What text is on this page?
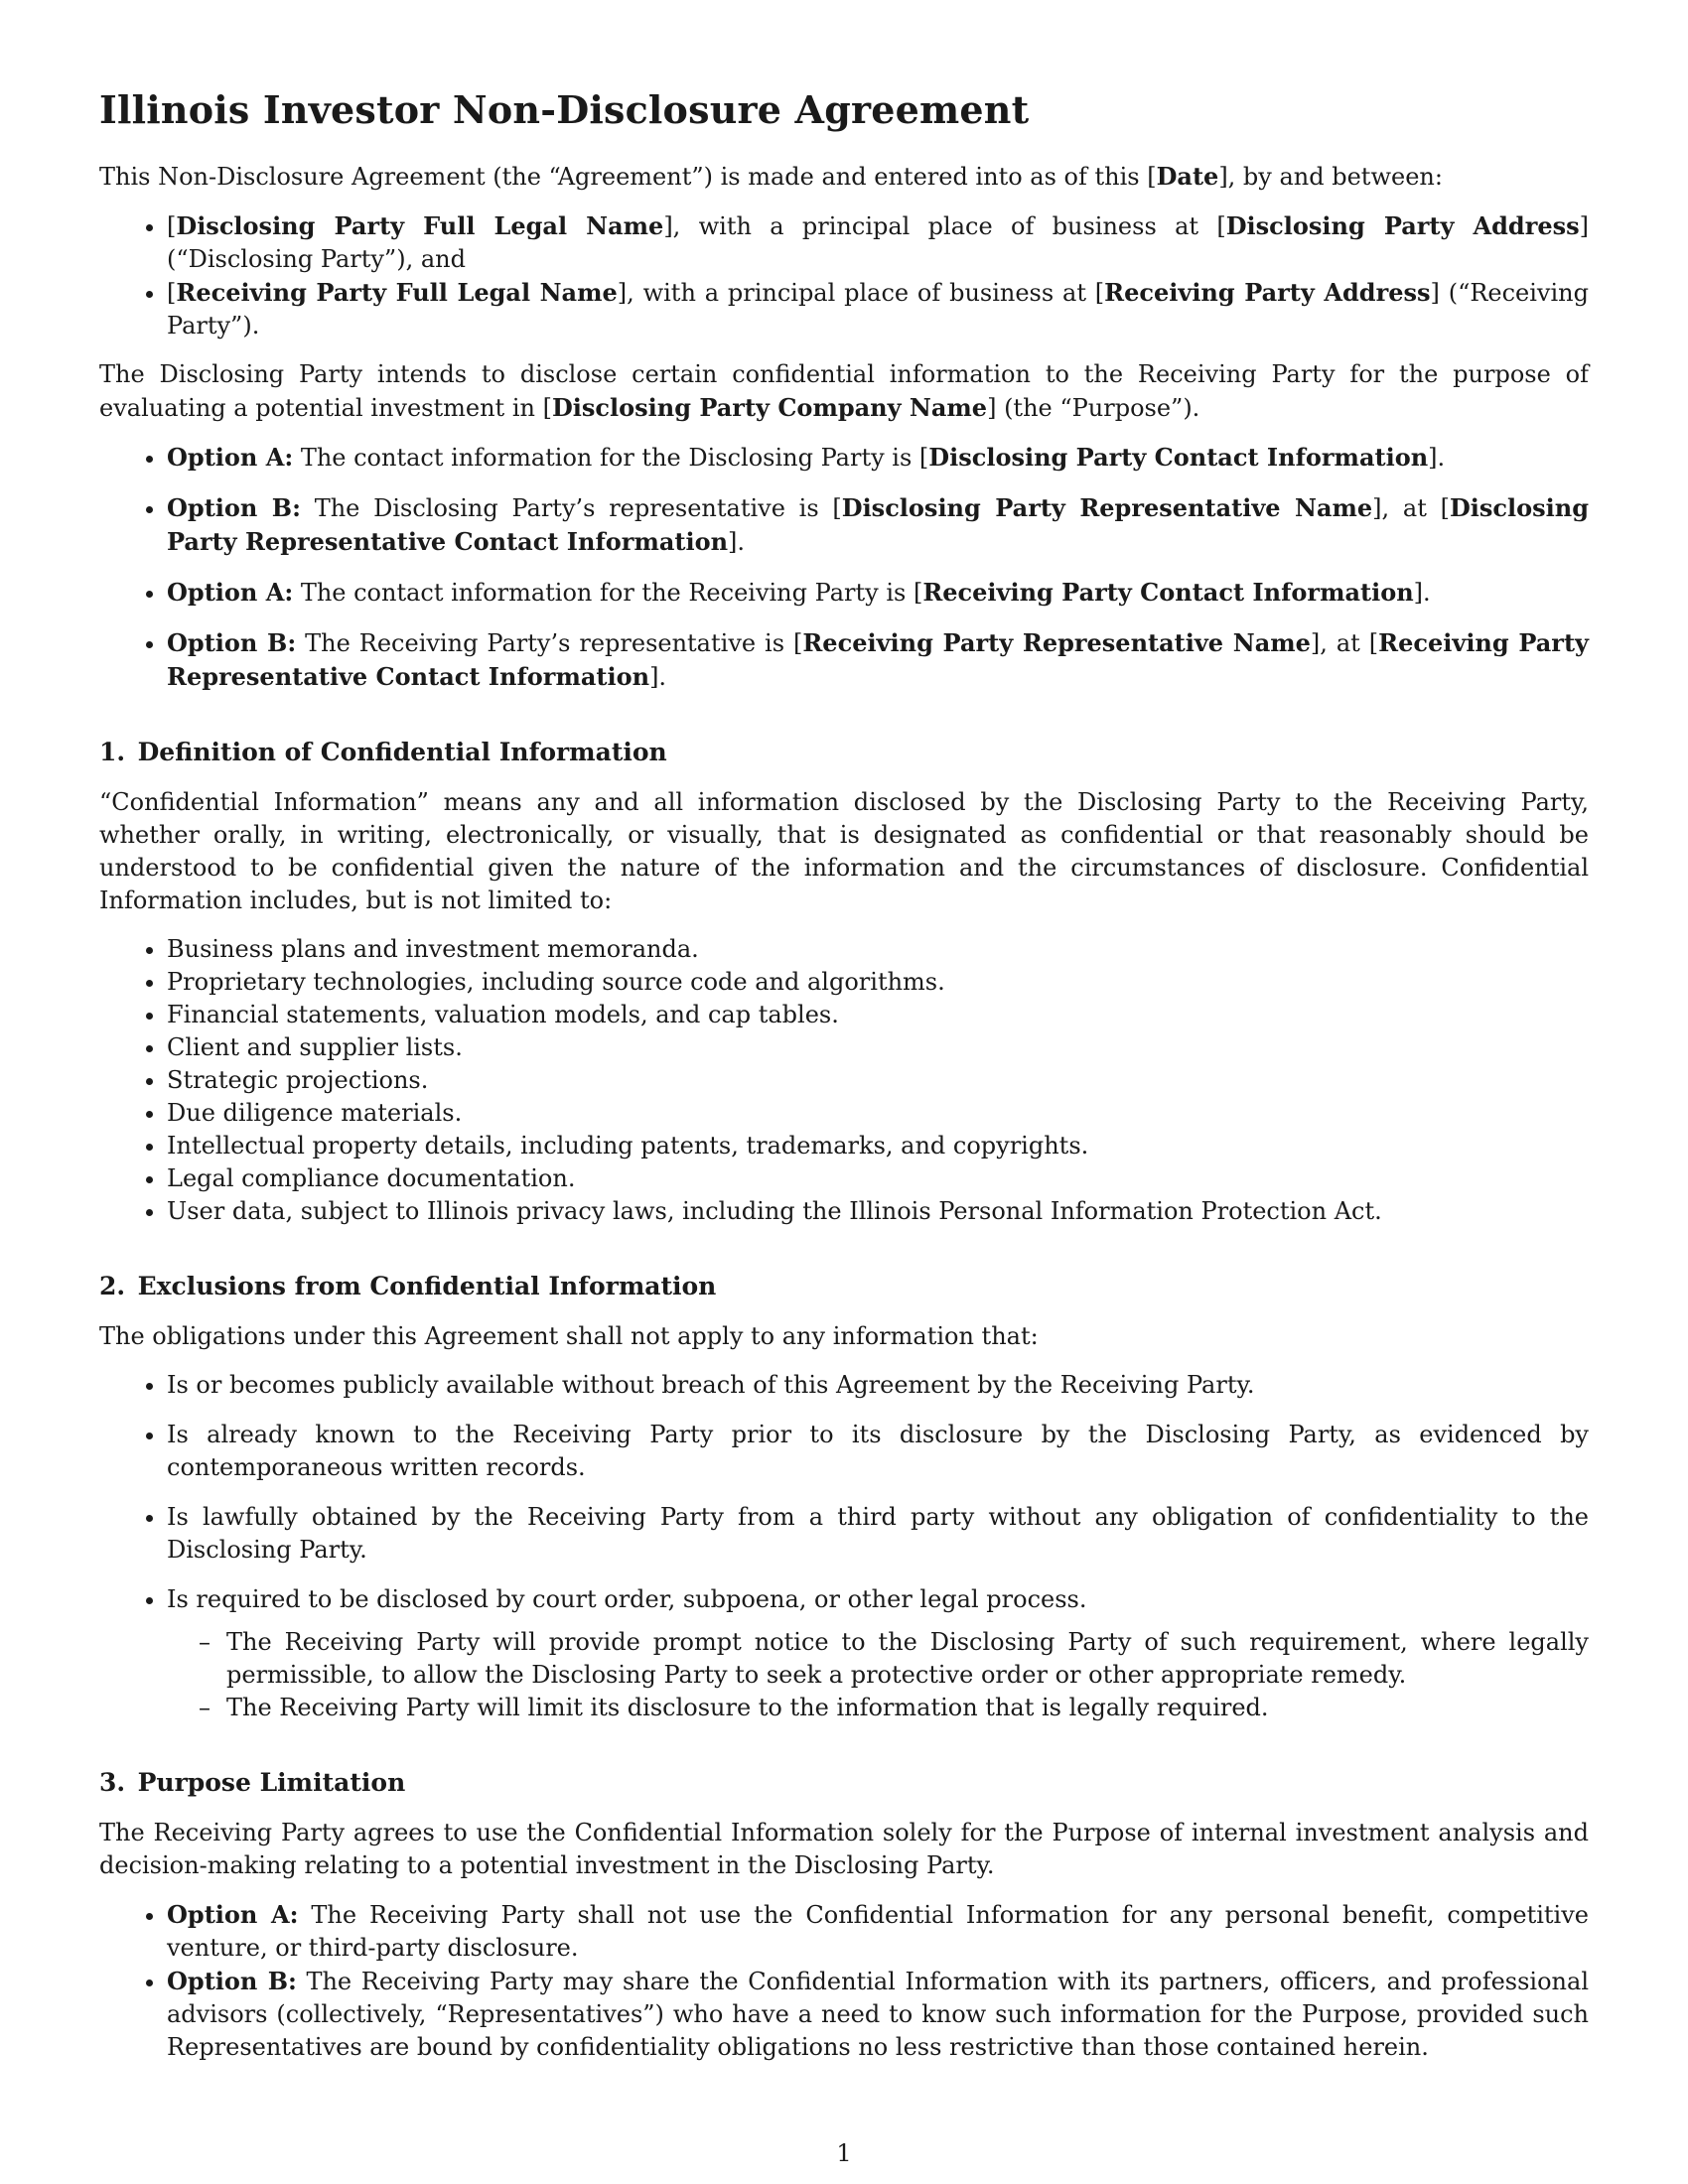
Illinois Investor Non-Disclosure Agreement

This Non-Disclosure Agreement (the “Agreement”) is made and entered into as of this [Date], by and between:

• [Disclosing Party Full Legal Name], with a principal place of business at [Disclosing Party Address] (“Disclosing Party”), and
• [Receiving Party Full Legal Name], with a principal place of business at [Receiving Party Address] (“Receiving Party”).

The Disclosing Party intends to disclose certain confidential information to the Receiving Party for the purpose of evaluating a potential investment in [Disclosing Party Company Name] (the “Purpose”).

• Option A: The contact information for the Disclosing Party is [Disclosing Party Contact Information].
• Option B: The Disclosing Party’s representative is [Disclosing Party Representative Name], at [Disclosing Party Representative Contact Information].
• Option A: The contact information for the Receiving Party is [Receiving Party Contact Information].
• Option B: The Receiving Party’s representative is [Receiving Party Representative Name], at [Receiving Party Representative Contact Information].
1. Definition of Confidential Information

“Confidential Information” means any and all information disclosed by the Disclosing Party to the Receiving Party, whether orally, in writing, electronically, or visually, that is designated as confidential or that reasonably should be understood to be confidential given the nature of the information and the circumstances of disclosure. Confidential Information includes, but is not limited to:

• Business plans and investment memoranda.
• Proprietary technologies, including source code and algorithms.
• Financial statements, valuation models, and cap tables.
• Client and supplier lists.
• Strategic projections.
• Due diligence materials.
• Intellectual property details, including patents, trademarks, and copyrights.
• Legal compliance documentation.
• User data, subject to Illinois privacy laws, including the Illinois Personal Information Protection Act.
2. Exclusions from Confidential Information

The obligations under this Agreement shall not apply to any information that:

• Is or becomes publicly available without breach of this Agreement by the Receiving Party.
• Is already known to the Receiving Party prior to its disclosure by the Disclosing Party, as evidenced by contemporaneous written records.
• Is lawfully obtained by the Receiving Party from a third party without any obligation of confidentiality to the Disclosing Party.
• Is required to be disclosed by court order, subpoena, or other legal process.
– The Receiving Party will provide prompt notice to the Disclosing Party of such requirement, where legally permissible, to allow the Disclosing Party to seek a protective order or other appropriate remedy.
– The Receiving Party will limit its disclosure to the information that is legally required.
3. Purpose Limitation

The Receiving Party agrees to use the Confidential Information solely for the Purpose of internal investment analysis and decision-making relating to a potential investment in the Disclosing Party.

• Option A: The Receiving Party shall not use the Confidential Information for any personal benefit, competitive venture, or third-party disclosure.
• Option B: The Receiving Party may share the Confidential Information with its partners, officers, and professional advisors (collectively, “Representatives”) who have a need to know such information for the Purpose, provided such Representatives are bound by confidentiality obligations no less restrictive than those contained herein.
1
